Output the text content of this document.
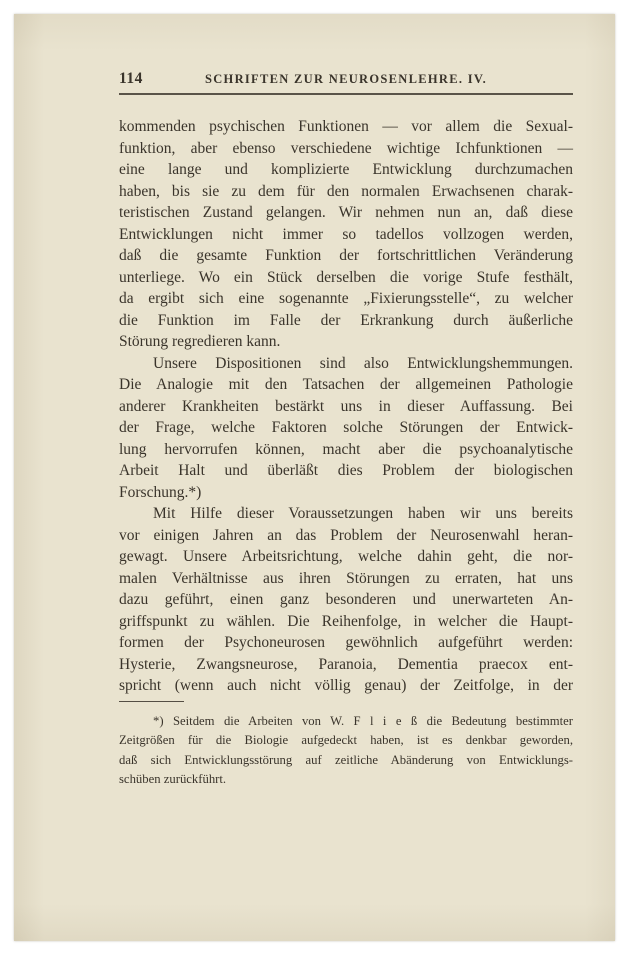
114	SCHRIFTEN ZUR NEUROSENLEHRE. IV.
kommenden psychischen Funktionen — vor allem die Sexual-
funktion, aber ebenso verschiedene wichtige Ichfunktionen —
eine lange und komplizierte Entwicklung durchzumachen
haben, bis sie zu dem für den normalen Erwachsenen charak-
teristischen Zustand gelangen. Wir nehmen nun an, daß diese
Entwicklungen nicht immer so tadellos vollzogen werden,
daß die gesamte Funktion der fortschrittlichen Veränderung
unterliege. Wo ein Stück derselben die vorige Stufe festhält,
da ergibt sich eine sogenannte „Fixierungsstelle“, zu welcher
die Funktion im Falle der Erkrankung durch äußerliche
Störung regredieren kann.
Unsere Dispositionen sind also Entwicklungshemmungen.
Die Analogie mit den Tatsachen der allgemeinen Pathologie
anderer Krankheiten bestärkt uns in dieser Auffassung. Bei
der Frage, welche Faktoren solche Störungen der Entwick-
lung hervorrufen können, macht aber die psychoanalytische
Arbeit Halt und überläßt dies Problem der biologischen
Forschung.*)
Mit Hilfe dieser Voraussetzungen haben wir uns bereits
vor einigen Jahren an das Problem der Neurosenwahl heran-
gewagt. Unsere Arbeitsrichtung, welche dahin geht, die nor-
malen Verhältnisse aus ihren Störungen zu erraten, hat uns
dazu geführt, einen ganz besonderen und unerwarteten An-
griffspunkt zu wählen. Die Reihenfolge, in welcher die Haupt-
formen der Psychoneurosen gewöhnlich aufgeführt werden:
Hysterie, Zwangsneurose, Paranoia, Dementia praecox ent-
spricht (wenn auch nicht völlig genau) der Zeitfolge, in der
*) Seitdem die Arbeiten von W. F l i e ß die Bedeutung bestimmter
Zeitgrößen für die Biologie aufgedeckt haben, ist es denkbar geworden,
daß sich Entwicklungsstörung auf zeitliche Abänderung von Entwicklungs-
schüben zurückführt.
